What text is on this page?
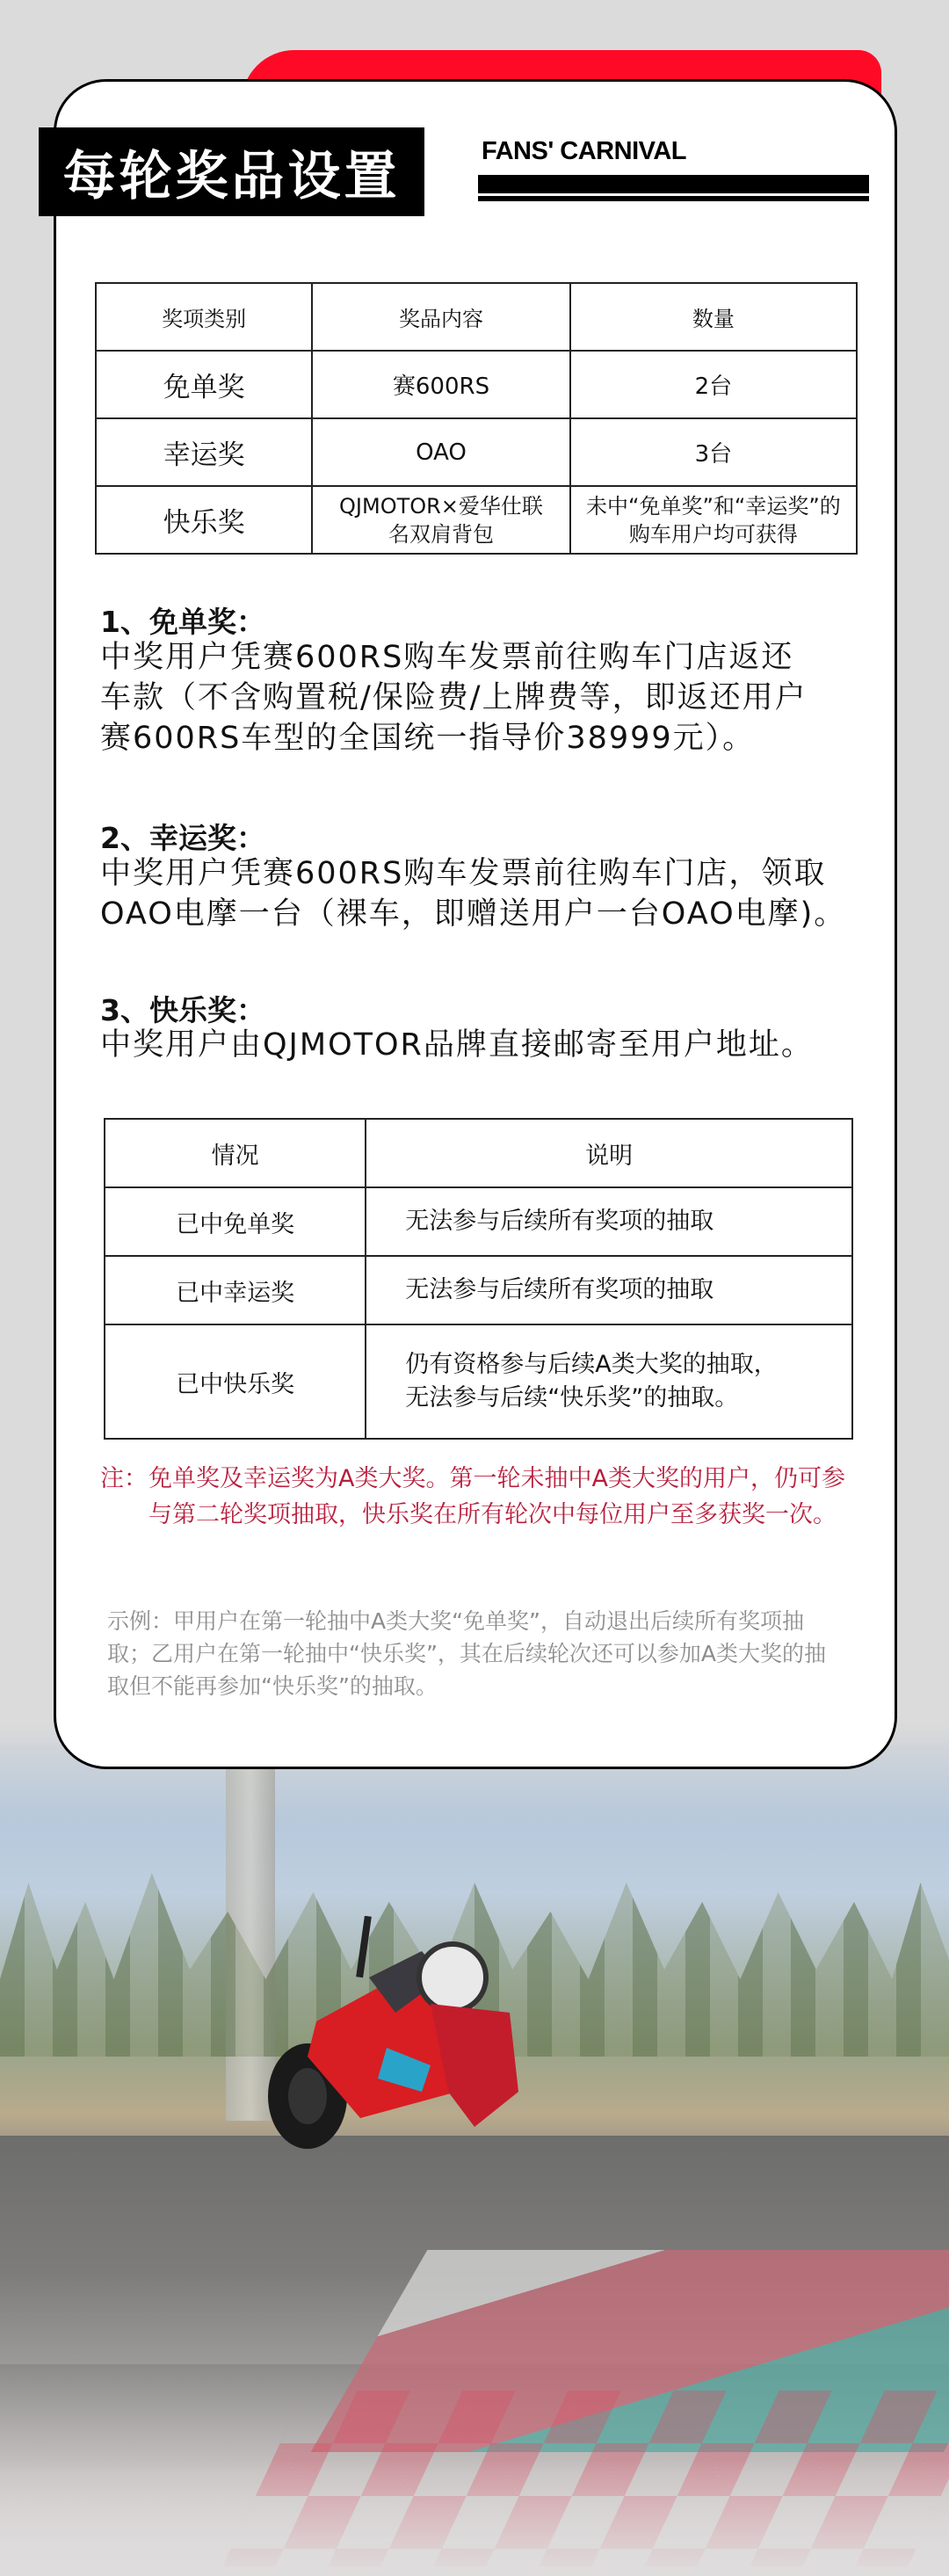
每轮奖品设置	FANS' CARNIVAL
奖项类别	奖品内容	数量
免单奖	赛600RS	2台
幸运奖	OAO	3台
快乐奖	QJMOTOR×爱华仕联名双肩背包	未中“免单奖”和“幸运奖”的购车用户均可获得
1、免单奖：
中奖用户凭赛600RS购车发票前往购车门店返还
车款（不含购置税/保险费/上牌费等，即返还用户
赛600RS车型的全国统一指导价38999元）。
2、幸运奖：
中奖用户凭赛600RS购车发票前往购车门店，领取
OAO电摩一台（裸车，即赠送用户一台OAO电摩)。
3、快乐奖：
中奖用户由QJMOTOR品牌直接邮寄至用户地址。
情况	说明
已中免单奖	无法参与后续所有奖项的抽取
已中幸运奖	无法参与后续所有奖项的抽取
已中快乐奖	仍有资格参与后续A类大奖的抽取，
无法参与后续“快乐奖”的抽取。
注： 免单奖及幸运奖为A类大奖。第一轮未抽中A类大奖的用户，仍可参与第二轮奖项抽取，快乐奖在所有轮次中每位用户至多获奖一次。
示例：甲用户在第一轮抽中A类大奖“免单奖”，自动退出后续所有奖项抽取；乙用户在第一轮抽中“快乐奖”，其在后续轮次还可以参加A类大奖的抽取但不能再参加“快乐奖”的抽取。
